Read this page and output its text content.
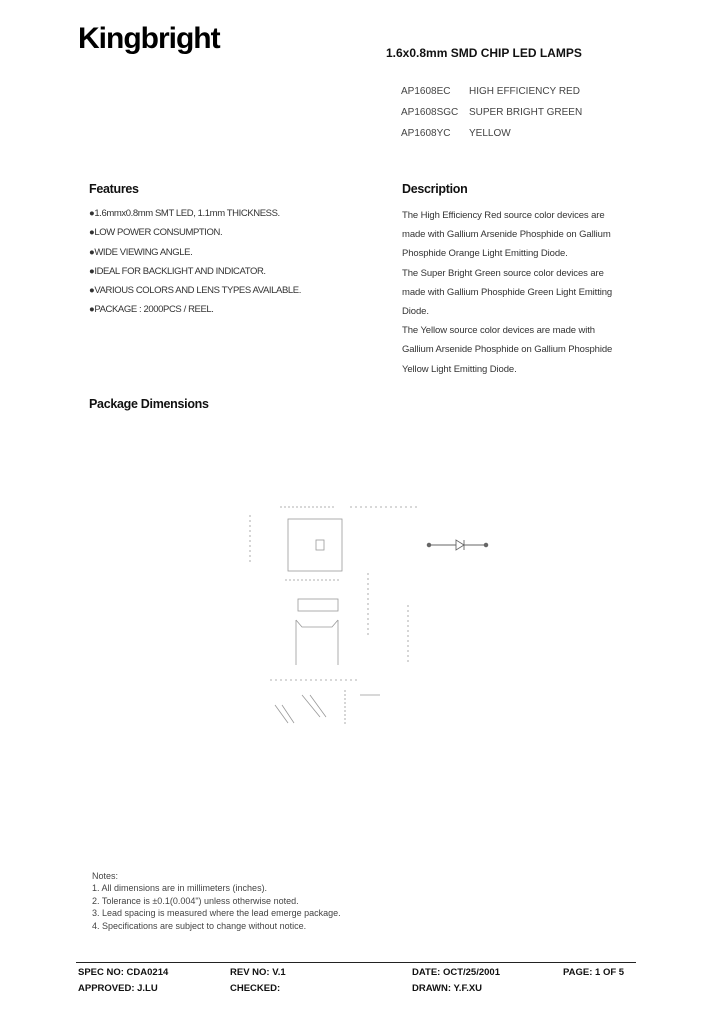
Kingbright	1.6x0.8mm SMD CHIP LED LAMPS
AP1608EC	HIGH EFFICIENCY RED
AP1608SGC	SUPER BRIGHT GREEN
AP1608YC	YELLOW
Features
●1.6mmx0.8mm SMT LED, 1.1mm THICKNESS.
●LOW POWER CONSUMPTION.
●WIDE VIEWING ANGLE.
●IDEAL FOR BACKLIGHT AND INDICATOR.
●VARIOUS COLORS AND LENS TYPES AVAILABLE.
●PACKAGE : 2000PCS / REEL.
Description

The High Efficiency Red source color devices are made with Gallium Arsenide Phosphide on Gallium Phosphide Orange Light Emitting Diode.

The Super Bright Green source color devices are made with Gallium Phosphide Green Light Emitting Diode.

The Yellow source color devices are made with Gallium Arsenide Phosphide on Gallium Phosphide Yellow Light Emitting Diode.

Package Dimensions
Notes:
1. All dimensions are in millimeters (inches).
2. Tolerance is ±0.1(0.004") unless otherwise noted.
3. Lead spacing is measured where the lead emerge package.
4. Specifications are subject to change without notice.
SPEC NO: CDA0214	REV NO: V.1	DATE: OCT/25/2001	PAGE: 1 OF 5
APPROVED: J.LU	CHECKED:	DRAWN: Y.F.XU
